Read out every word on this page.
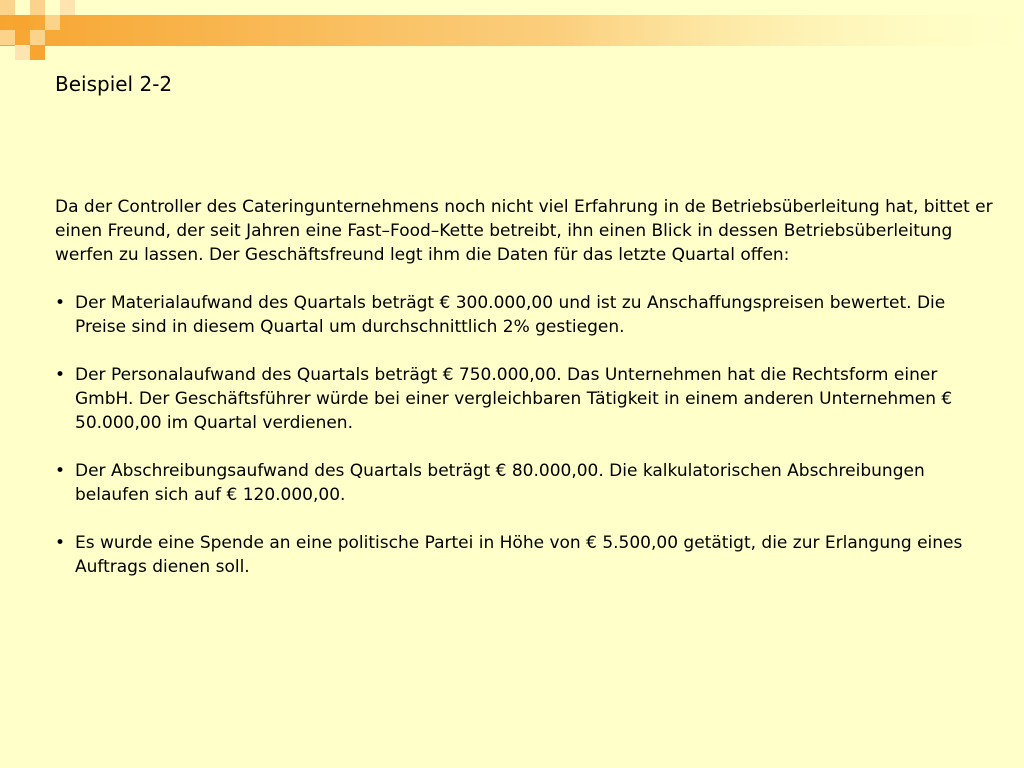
Beispiel 2-2

Da der Controller des Cateringunternehmens noch nicht viel Erfahrung in de Betriebsüberleitung hat, bittet er einen Freund, der seit Jahren eine Fast–Food–Kette betreibt, ihn einen Blick in dessen Betriebsüberleitung werfen zu lassen. Der Geschäftsfreund legt ihm die Daten für das letzte Quartal offen:

• Der Materialaufwand des Quartals beträgt € 300.000,00 und ist zu Anschaffungspreisen bewertet. Die Preise sind in diesem Quartal um durchschnittlich 2% gestiegen.
• Der Personalaufwand des Quartals beträgt € 750.000,00. Das Unternehmen hat die Rechtsform einer GmbH. Der Geschäftsführer würde bei einer vergleichbaren Tätigkeit in einem anderen Unternehmen € 50.000,00 im Quartal verdienen.
• Der Abschreibungsaufwand des Quartals beträgt € 80.000,00. Die kalkulatorischen Abschreibungen belaufen sich auf € 120.000,00.
• Es wurde eine Spende an eine politische Partei in Höhe von € 5.500,00 getätigt, die zur Erlangung eines Auftrags dienen soll.
